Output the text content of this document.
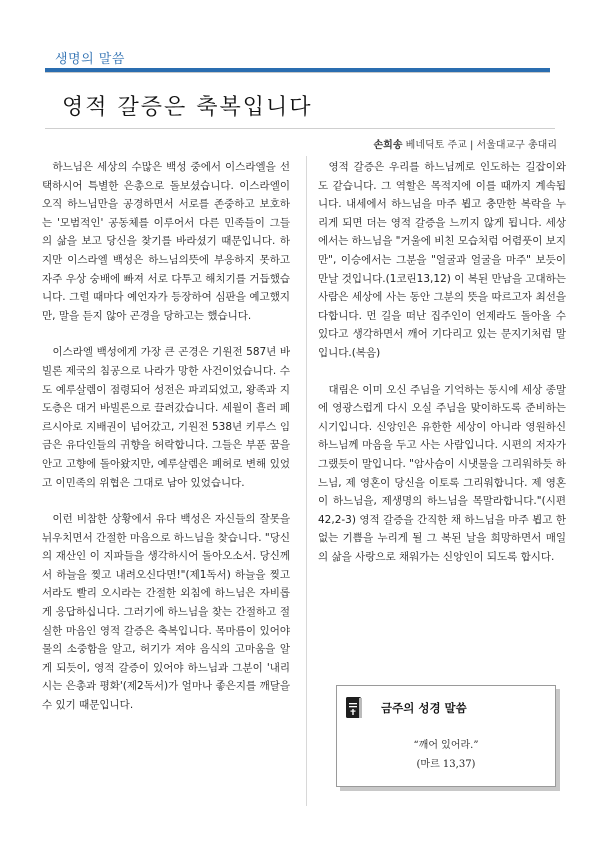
생명의 말씀
영적 갈증은 축복입니다
손희송 베네딕토 주교 | 서울대교구 총대리

하느님은 세상의 수많은 백성 중에서 이스라엘을 선택하시어 특별한 은총으로 돌보셨습니다. 이스라엘이 오직 하느님만을 공경하면서 서로를 존중하고 보호하는 '모범적인' 공동체를 이루어서 다른 민족들이 그들의 삶을 보고 당신을 찾기를 바라셨기 때문입니다. 하지만 이스라엘 백성은 하느님의뜻에 부응하지 못하고 자주 우상 숭배에 빠져 서로 다투고 해치기를 거듭했습니다. 그럴 때마다 예언자가 등장하여 심판을 예고했지만, 말을 듣지 않아 곤경을 당하고는 했습니다.

이스라엘 백성에게 가장 큰 곤경은 기원전 587년 바빌론 제국의 침공으로 나라가 망한 사건이었습니다. 수도 예루살렘이 점령되어 성전은 파괴되었고, 왕족과 지도층은 대거 바빌론으로 끌려갔습니다. 세월이 흘러 페르시아로 지배권이 넘어갔고, 기원전 538년 키루스 임금은 유다인들의 귀향을 허락합니다. 그들은 부푼 꿈을 안고 고향에 돌아왔지만, 예루살렘은 폐허로 변해 있었고 이민족의 위협은 그대로 남아 있었습니다.

이런 비참한 상황에서 유다 백성은 자신들의 잘못을 뉘우치면서 간절한 마음으로 하느님을 찾습니다. "당신의 재산인 이 지파들을 생각하시어 돌아오소서. 당신께서 하늘을 찢고 내려오신다면!"(제1독서) 하늘을 찢고서라도 빨리 오시라는 간절한 외침에 하느님은 자비롭게 응답하십니다. 그러기에 하느님을 찾는 간절하고 절실한 마음인 영적 갈증은 축복입니다. 목마름이 있어야 물의 소중함을 알고, 허기가 져야 음식의 고마움을 알게 되듯이, 영적 갈증이 있어야 하느님과 그분이 '내리시는 은총과 평화'(제2독서)가 얼마나 좋은지를 깨달을 수 있기 때문입니다.

영적 갈증은 우리를 하느님께로 인도하는 길잡이와도 같습니다. 그 역할은 목적지에 이를 때까지 계속됩니다. 내세에서 하느님을 마주 뵙고 충만한 복락을 누리게 되면 더는 영적 갈증을 느끼지 않게 됩니다. 세상에서는 하느님을 "거울에 비친 모습처럼 어렴풋이 보지만", 이승에서는 그분을 "얼굴과 얼굴을 마주" 보듯이 만날 것입니다.(1코린13,12) 이 복된 만남을 고대하는 사람은 세상에 사는 동안 그분의 뜻을 따르고자 최선을 다합니다. 먼 길을 떠난 집주인이 언제라도 돌아올 수 있다고 생각하면서 깨어 기다리고 있는 문지기처럼 말입니다.(복음)

대림은 이미 오신 주님을 기억하는 동시에 세상 종말에 영광스럽게 다시 오실 주님을 맞이하도록 준비하는 시기입니다. 신앙인은 유한한 세상이 아니라 영원하신 하느님께 마음을 두고 사는 사람입니다. 시편의 저자가 그랬듯이 말입니다. "암사슴이 시냇물을 그리워하듯 하느님, 제 영혼이 당신을 이토록 그리워합니다. 제 영혼이 하느님을, 제생명의 하느님을 목말라합니다."(시편 42,2-3) 영적 갈증을 간직한 채 하느님을 마주 뵙고 한없는 기쁨을 누리게 될 그 복된 날을 희망하면서 매일의 삶을 사랑으로 채워가는 신앙인이 되도록 합시다.

금주의 성경 말씀
“깨어 있어라.”
(마르 13,37)
